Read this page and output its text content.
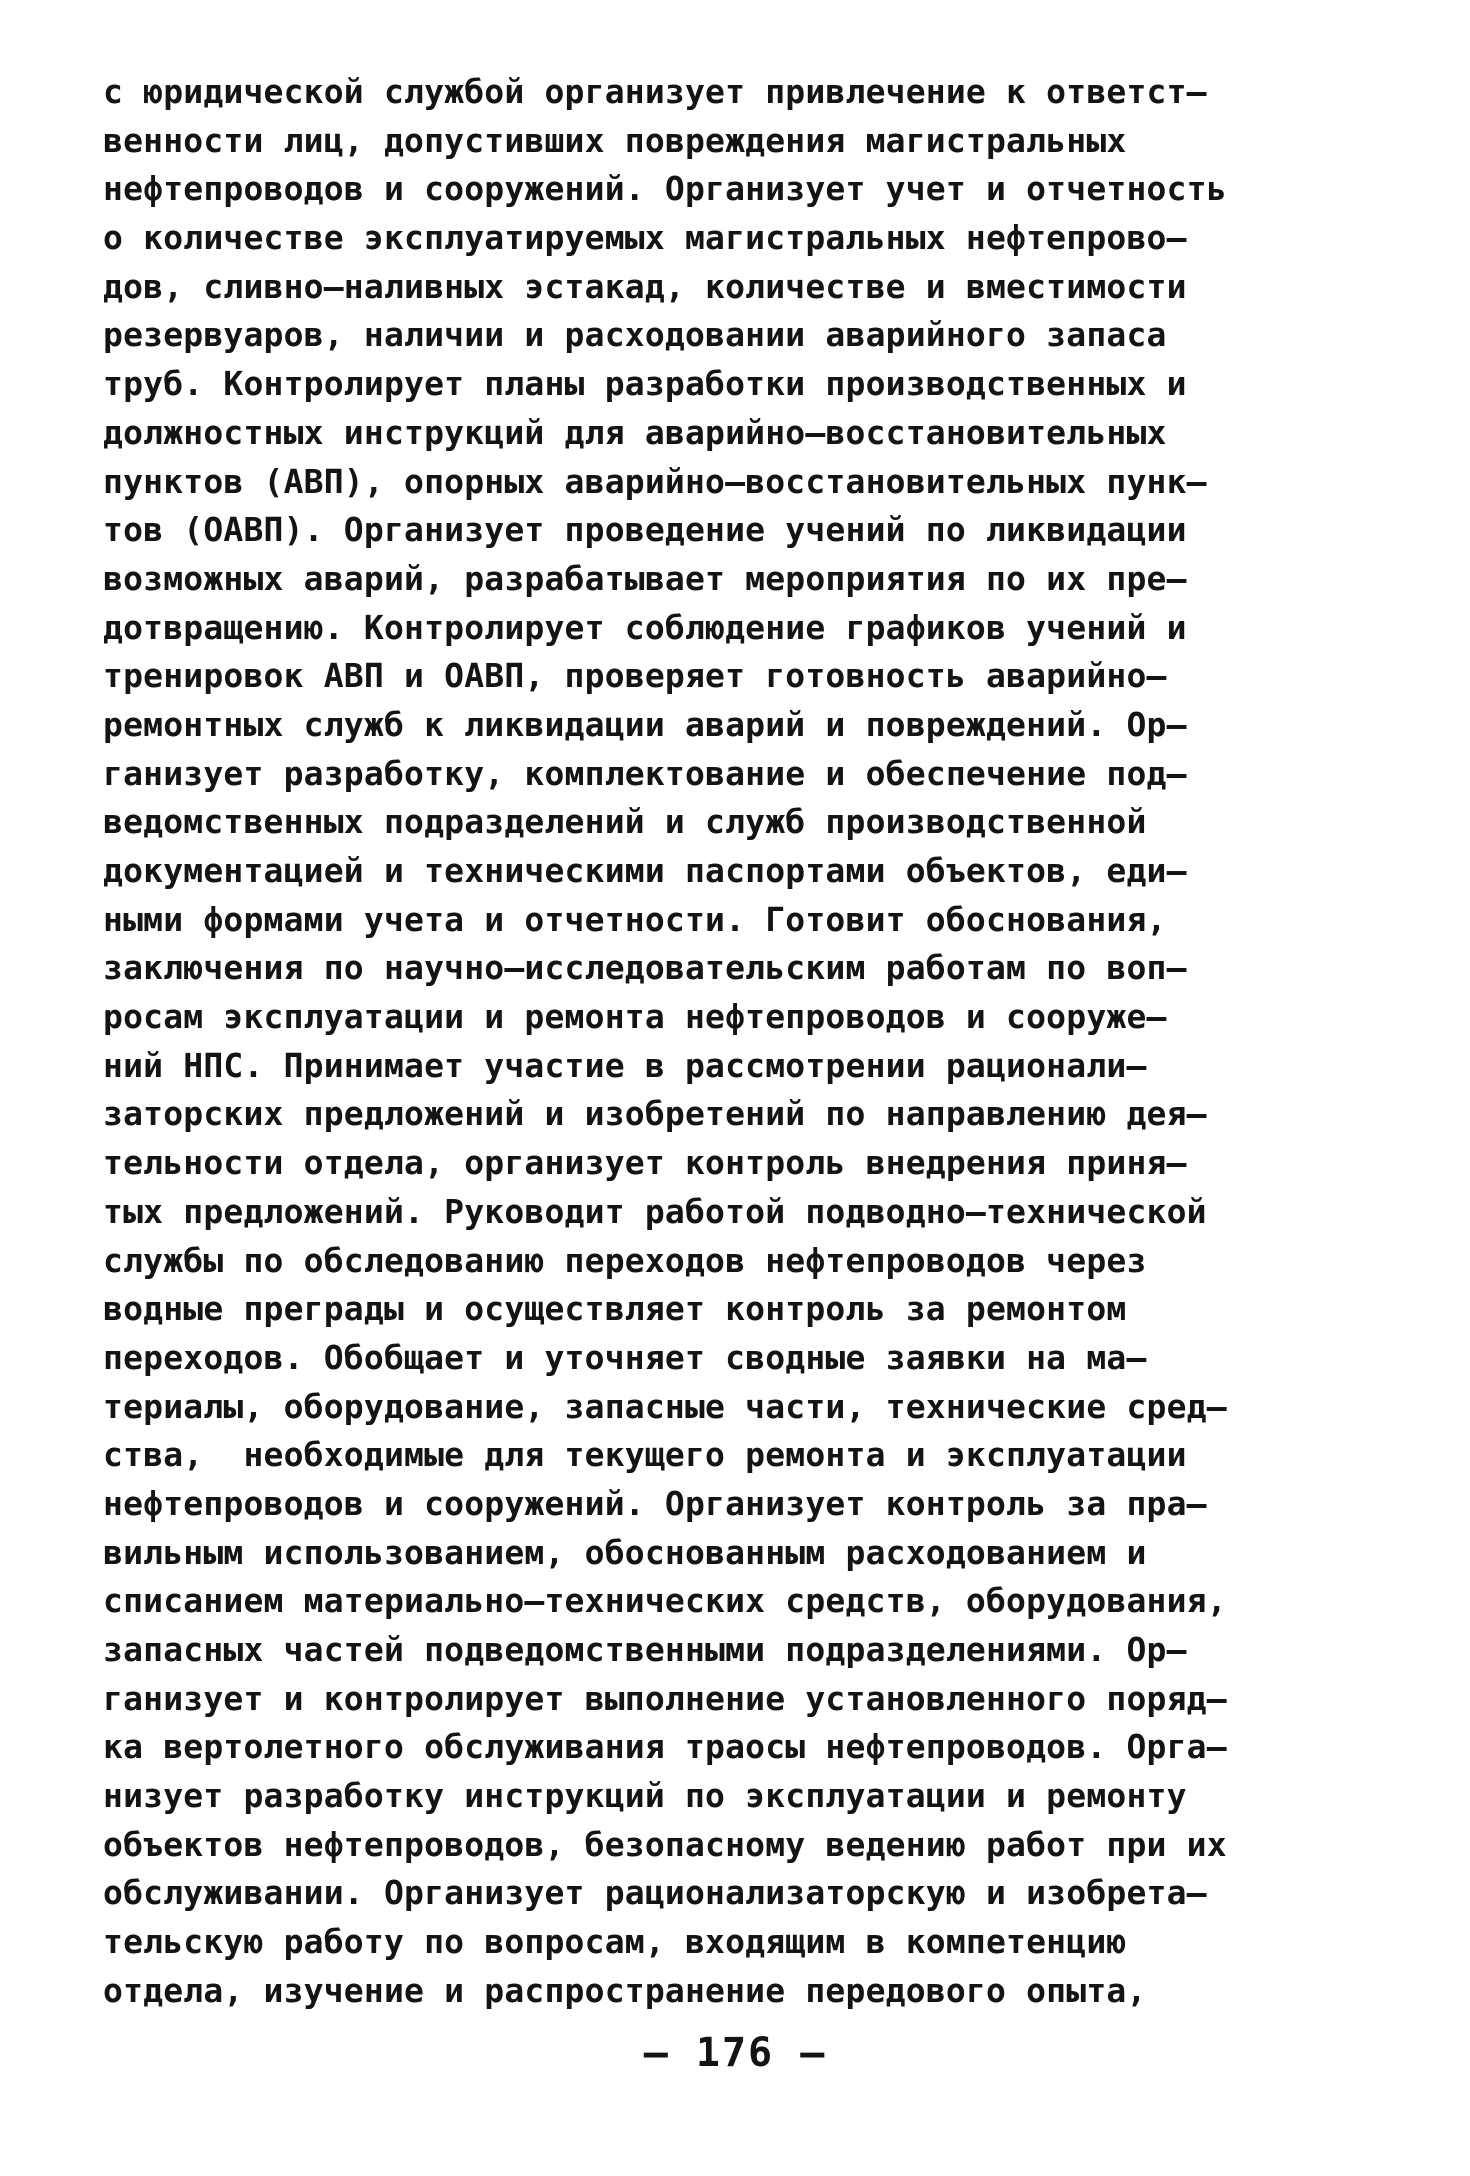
с юридической службой организует привлечение к ответст–
венности лиц, допустивших повреждения магистральных
нефтепроводов и сооружений. Организует учет и отчетность
о количестве эксплуатируемых магистральных нефтепрово–
дов, сливно–наливных эстакад, количестве и вместимости
резервуаров, наличии и расходовании аварийного запаса
труб. Контролирует планы разработки производственных и
должностных инструкций для аварийно–восстановительных
пунктов (АВП), опорных аварийно–восстановительных пунк–
тов (ОАВП). Организует проведение учений по ликвидации
возможных аварий, разрабатывает мероприятия по их пре–
дотвращению. Контролирует соблюдение графиков учений и
тренировок АВП и ОАВП, проверяет готовность аварийно–
ремонтных служб к ликвидации аварий и повреждений. Ор–
ганизует разработку, комплектование и обеспечение под–
ведомственных подразделений и служб производственной
документацией и техническими паспортами объектов, еди–
ными формами учета и отчетности. Готовит обоснования,
заключения по научно–исследовательским работам по воп–
росам эксплуатации и ремонта нефтепроводов и сооруже–
ний НПС. Принимает участие в рассмотрении рационали–
заторских предложений и изобретений по направлению дея–
тельности отдела, организует контроль внедрения приня–
тых предложений. Руководит работой подводно–технической
службы по обследованию переходов нефтепроводов через
водные преграды и осуществляет контроль за ремонтом
переходов. Обобщает и уточняет сводные заявки на ма–
териалы, оборудование, запасные части, технические сред–
ства,  необходимые для текущего ремонта и эксплуатации
нефтепроводов и сооружений. Организует контроль за пра–
вильным использованием, обоснованным расходованием и
списанием материально–технических средств, оборудования,
запасных частей подведомственными подразделениями. Ор–
ганизует и контролирует выполнение установленного поряд–
ка вертолетного обслуживания траосы нефтепроводов. Орга–
низует разработку инструкций по эксплуатации и ремонту
объектов нефтепроводов, безопасному ведению работ при их
обслуживании. Организует рационализаторскую и изобрета–
тельскую работу по вопросам, входящим в компетенцию
отдела, изучение и распространение передового опыта,
– 176 –
